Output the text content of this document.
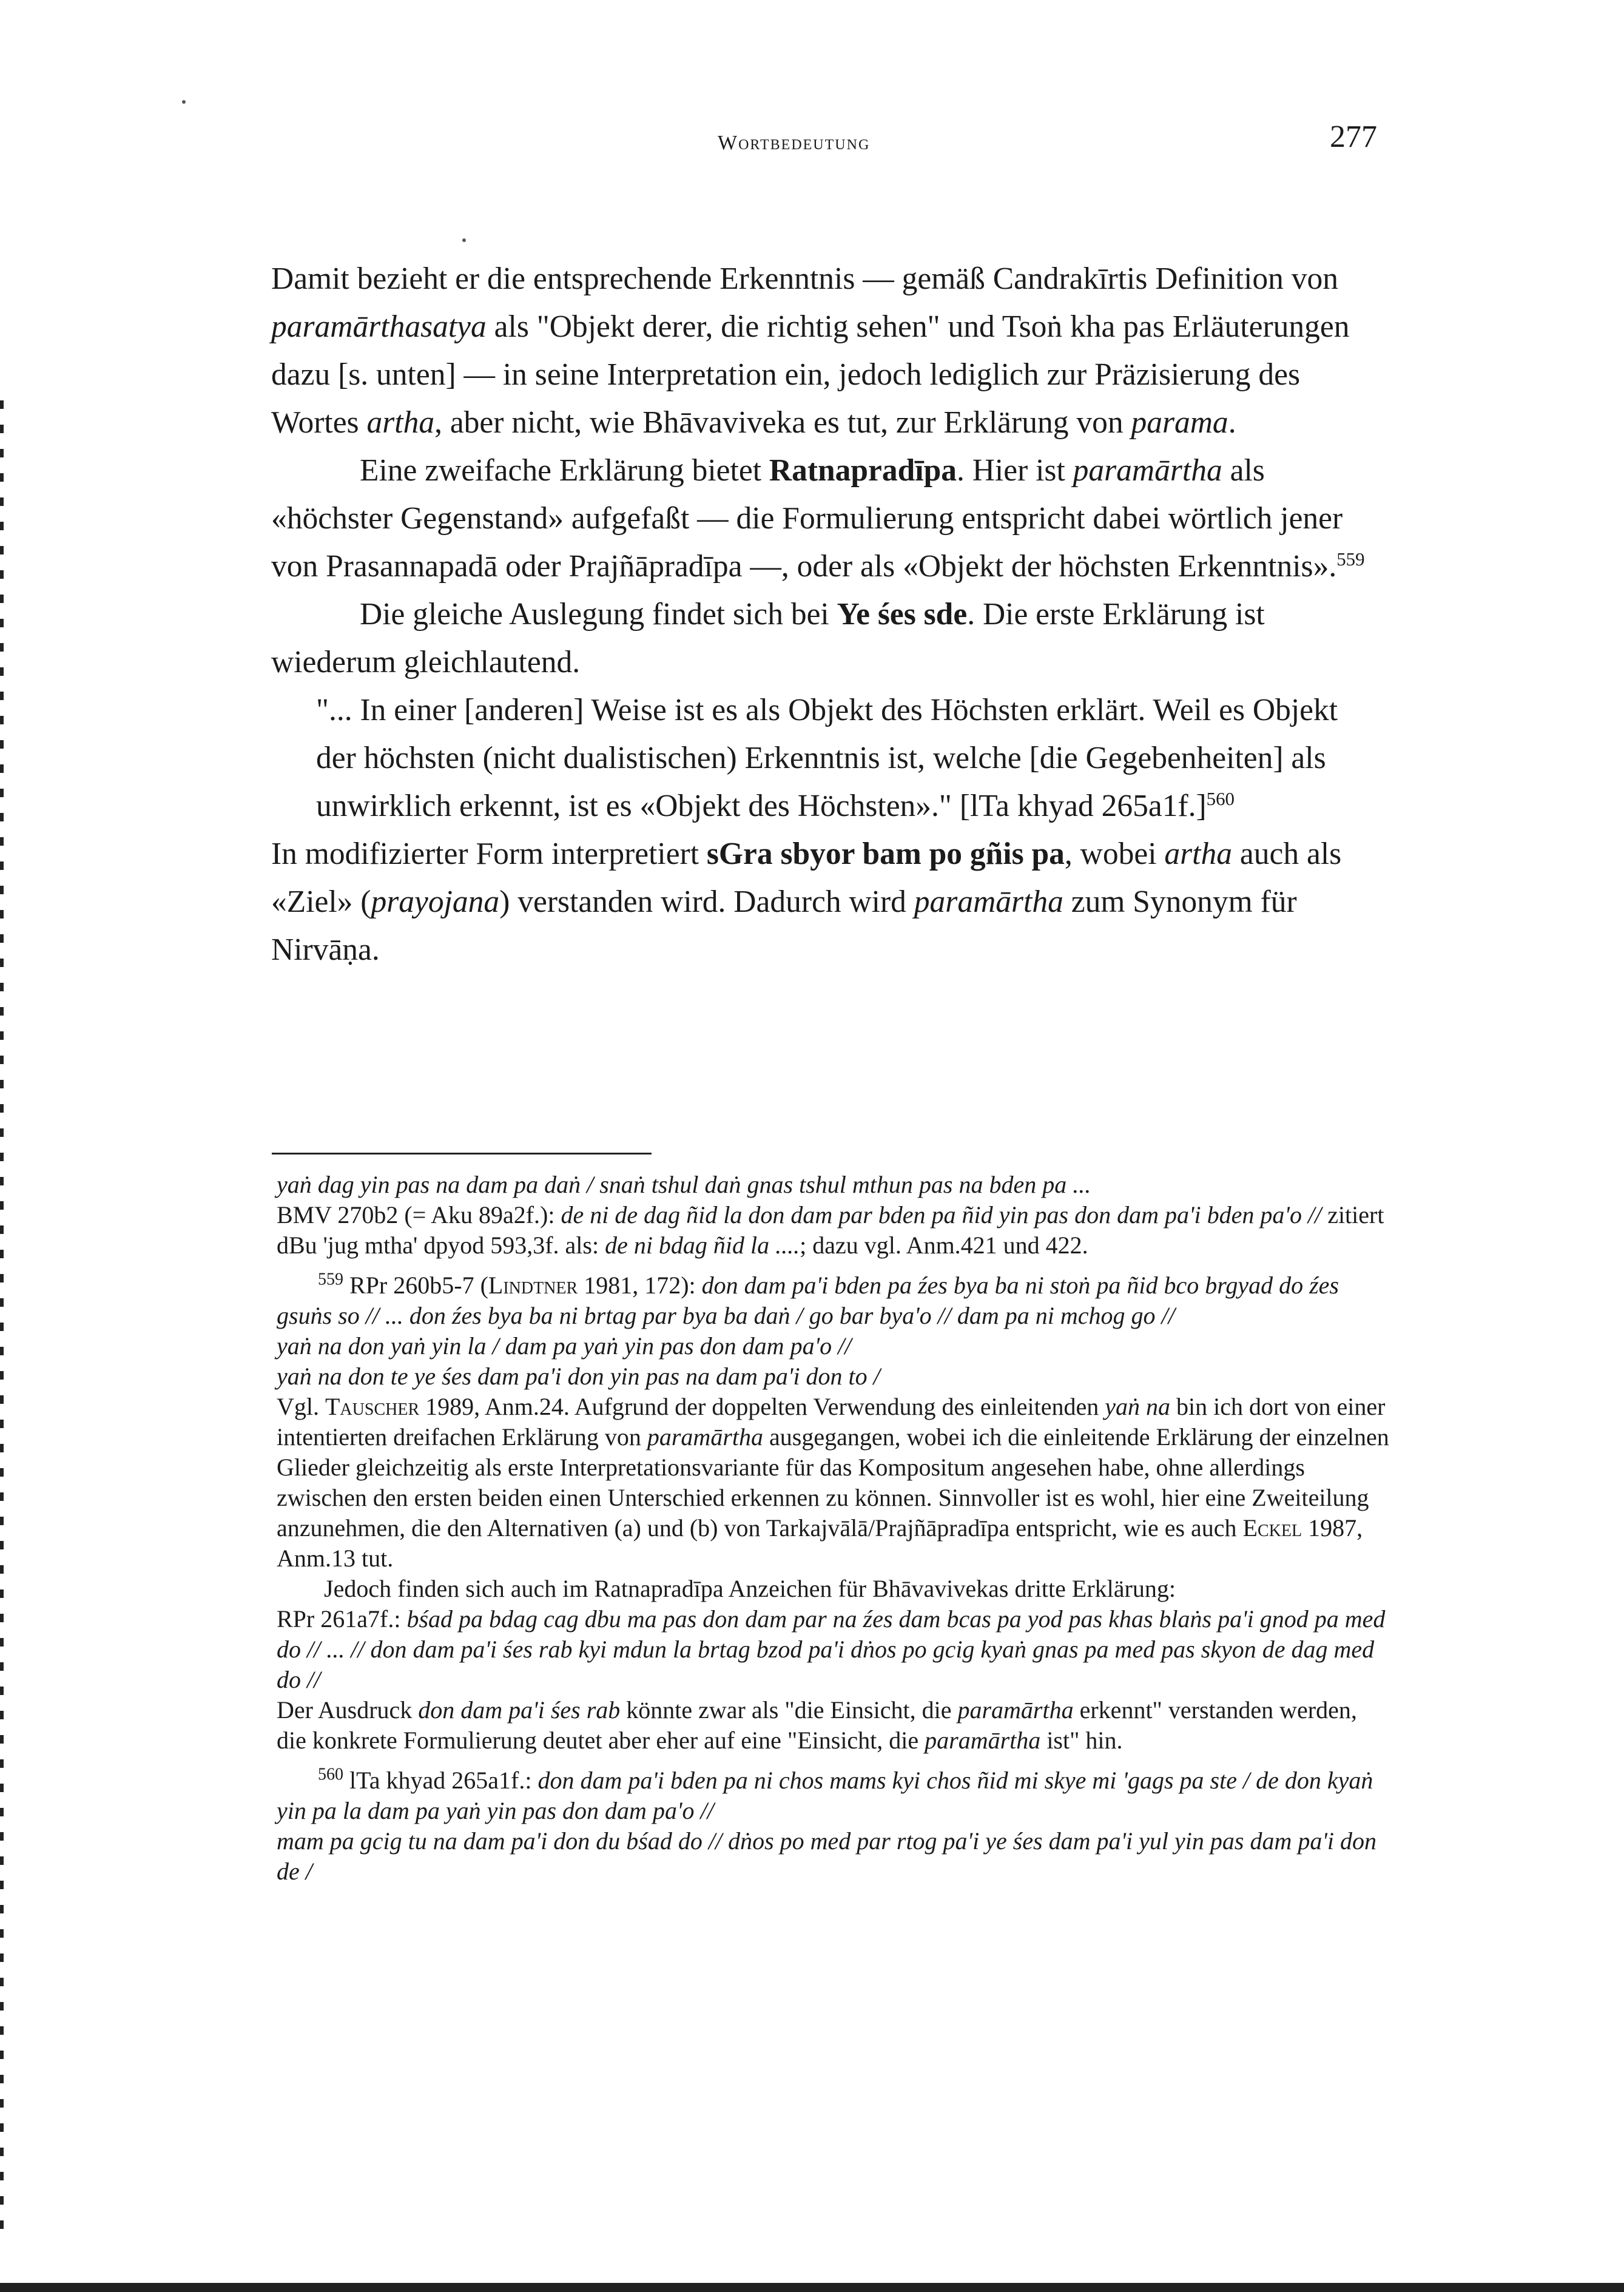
Wortbedeutung	277

Damit bezieht er die entsprechende Erkenntnis — gemäß Candrakīrtis Definition von paramārthasatya als "Objekt derer, die richtig sehen" und Tsoṅ kha pas Erläuterungen dazu [s. unten] — in seine Interpretation ein, jedoch lediglich zur Präzisierung des Wortes artha, aber nicht, wie Bhāvaviveka es tut, zur Erklärung von parama.

Eine zweifache Erklärung bietet Ratnapradīpa. Hier ist paramārtha als «höchster Gegenstand» aufgefaßt — die Formulierung entspricht dabei wörtlich jener von Prasannapadā oder Prajñāpradīpa —, oder als «Objekt der höchsten Erkenntnis».$^{559}$

Die gleiche Auslegung findet sich bei Ye śes sde. Die erste Erklärung ist wiederum gleichlautend.

"... In einer [anderen] Weise ist es als Objekt des Höchsten erklärt. Weil es Objekt der höchsten (nicht dualistischen) Erkenntnis ist, welche [die Gegebenheiten] als unwirklich erkennt, ist es «Objekt des Höchsten»." [lTa khyad 265a1f.]$^{560}$

In modifizierter Form interpretiert sGra sbyor bam po gñis pa, wobei artha auch als «Ziel» (prayojana) verstanden wird. Dadurch wird paramārtha zum Synonym für Nirvāṇa.

yaṅ dag yin pas na dam pa daṅ / snaṅ tshul daṅ gnas tshul mthun pas na bden pa ...

BMV 270b2 (= Aku 89a2f.): de ni de dag ñid la don dam par bden pa ñid yin pas don dam pa'i bden pa'o // zitiert dBu 'jug mtha' dpyod 593,3f. als: de ni bdag ñid la ....; dazu vgl. Anm.421 und 422.

$^{559}$ RPr 260b5-7 (Lindtner 1981, 172): don dam pa'i bden pa źes bya ba ni stoṅ pa ñid bco brgyad do źes gsuṅs so // ... don źes bya ba ni brtag par bya ba daṅ / go bar bya'o // dam pa ni mchog go //

yaṅ na don yaṅ yin la / dam pa yaṅ yin pas don dam pa'o //

yaṅ na don te ye śes dam pa'i don yin pas na dam pa'i don to /

Vgl. Tauscher 1989, Anm.24. Aufgrund der doppelten Verwendung des einleitenden yaṅ na bin ich dort von einer intentierten dreifachen Erklärung von paramārtha ausgegangen, wobei ich die einleitende Erklärung der einzelnen Glieder gleichzeitig als erste Interpretationsvariante für das Kompositum angesehen habe, ohne allerdings zwischen den ersten beiden einen Unterschied erkennen zu können. Sinnvoller ist es wohl, hier eine Zweiteilung anzunehmen, die den Alternativen (a) und (b) von Tarkajvālā/Prajñāpradīpa entspricht, wie es auch Eckel 1987, Anm.13 tut.

Jedoch finden sich auch im Ratnapradīpa Anzeichen für Bhāvavivekas dritte Erklärung:

RPr 261a7f.: bśad pa bdag cag dbu ma pas don dam par na źes dam bcas pa yod pas khas blaṅs pa'i gnod pa med do // ... // don dam pa'i śes rab kyi mdun la brtag bzod pa'i dṅos po gcig kyaṅ gnas pa med pas skyon de dag med do //

Der Ausdruck don dam pa'i śes rab könnte zwar als "die Einsicht, die paramārtha erkennt" verstanden werden, die konkrete Formulierung deutet aber eher auf eine "Einsicht, die paramārtha ist" hin.

$^{560}$ lTa khyad 265a1f.: don dam pa'i bden pa ni chos mams kyi chos ñid mi skye mi 'gags pa ste / de don kyaṅ yin pa la dam pa yaṅ yin pas don dam pa'o //

mam pa gcig tu na dam pa'i don du bśad do // dṅos po med par rtog pa'i ye śes dam pa'i yul yin pas dam pa'i don de /
